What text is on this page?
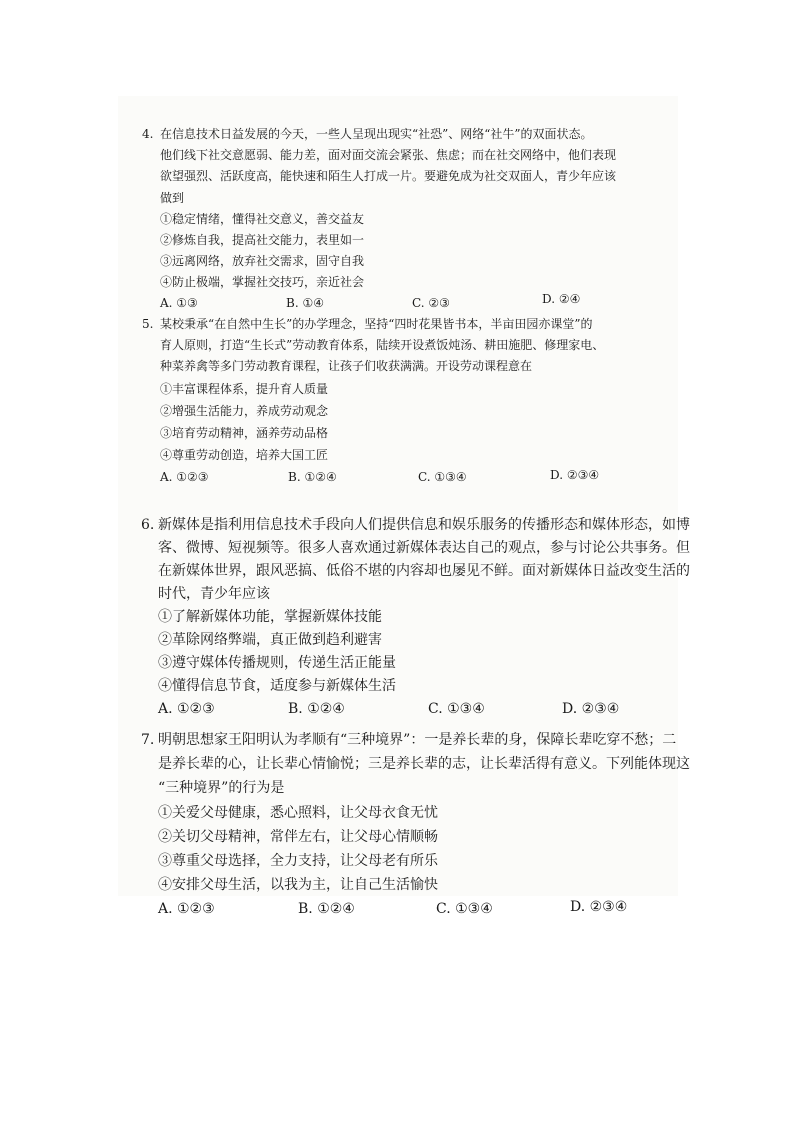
4. 在信息技术日益发展的今天，一些人呈现出现实“社恐”、网络“社牛”的双面状态。
他们线下社交意愿弱、能力差，面对面交流会紧张、焦虑；而在社交网络中，他们表现
欲望强烈、活跃度高，能快速和陌生人打成一片。要避免成为社交双面人，青少年应该
做到
①稳定情绪，懂得社交意义，善交益友
②修炼自我，提高社交能力，表里如一
③远离网络，放弃社交需求，固守自我
④防止极端，掌握社交技巧，亲近社会
A. ①③	B. ①④	C. ②③	D. ②④
5. 某校秉承“在自然中生长”的办学理念，坚持“四时花果皆书本，半亩田园亦课堂”的
育人原则，打造“生长式”劳动教育体系，陆续开设煮饭炖汤、耕田施肥、修理家电、
种菜养禽等多门劳动教育课程，让孩子们收获满满。开设劳动课程意在
①丰富课程体系，提升育人质量
②增强生活能力，养成劳动观念
③培育劳动精神，涵养劳动品格
④尊重劳动创造，培养大国工匠
A. ①②③	B. ①②④	C. ①③④	D. ②③④
6. 新媒体是指利用信息技术手段向人们提供信息和娱乐服务的传播形态和媒体形态，如博
客、微博、短视频等。很多人喜欢通过新媒体表达自己的观点，参与讨论公共事务。但
在新媒体世界，跟风恶搞、低俗不堪的内容却也屡见不鲜。面对新媒体日益改变生活的
时代，青少年应该
①了解新媒体功能，掌握新媒体技能
②革除网络弊端，真正做到趋利避害
③遵守媒体传播规则，传递生活正能量
④懂得信息节食，适度参与新媒体生活
A. ①②③	B. ①②④	C. ①③④	D. ②③④
7. 明朝思想家王阳明认为孝顺有“三种境界”：一是养长辈的身，保障长辈吃穿不愁；二
是养长辈的心，让长辈心情愉悦；三是养长辈的志，让长辈活得有意义。下列能体现这
“三种境界”的行为是
①关爱父母健康，悉心照料，让父母衣食无忧
②关切父母精神，常伴左右，让父母心情顺畅
③尊重父母选择，全力支持，让父母老有所乐
④安排父母生活，以我为主，让自己生活愉快
A. ①②③	B. ①②④	C. ①③④	D. ②③④
